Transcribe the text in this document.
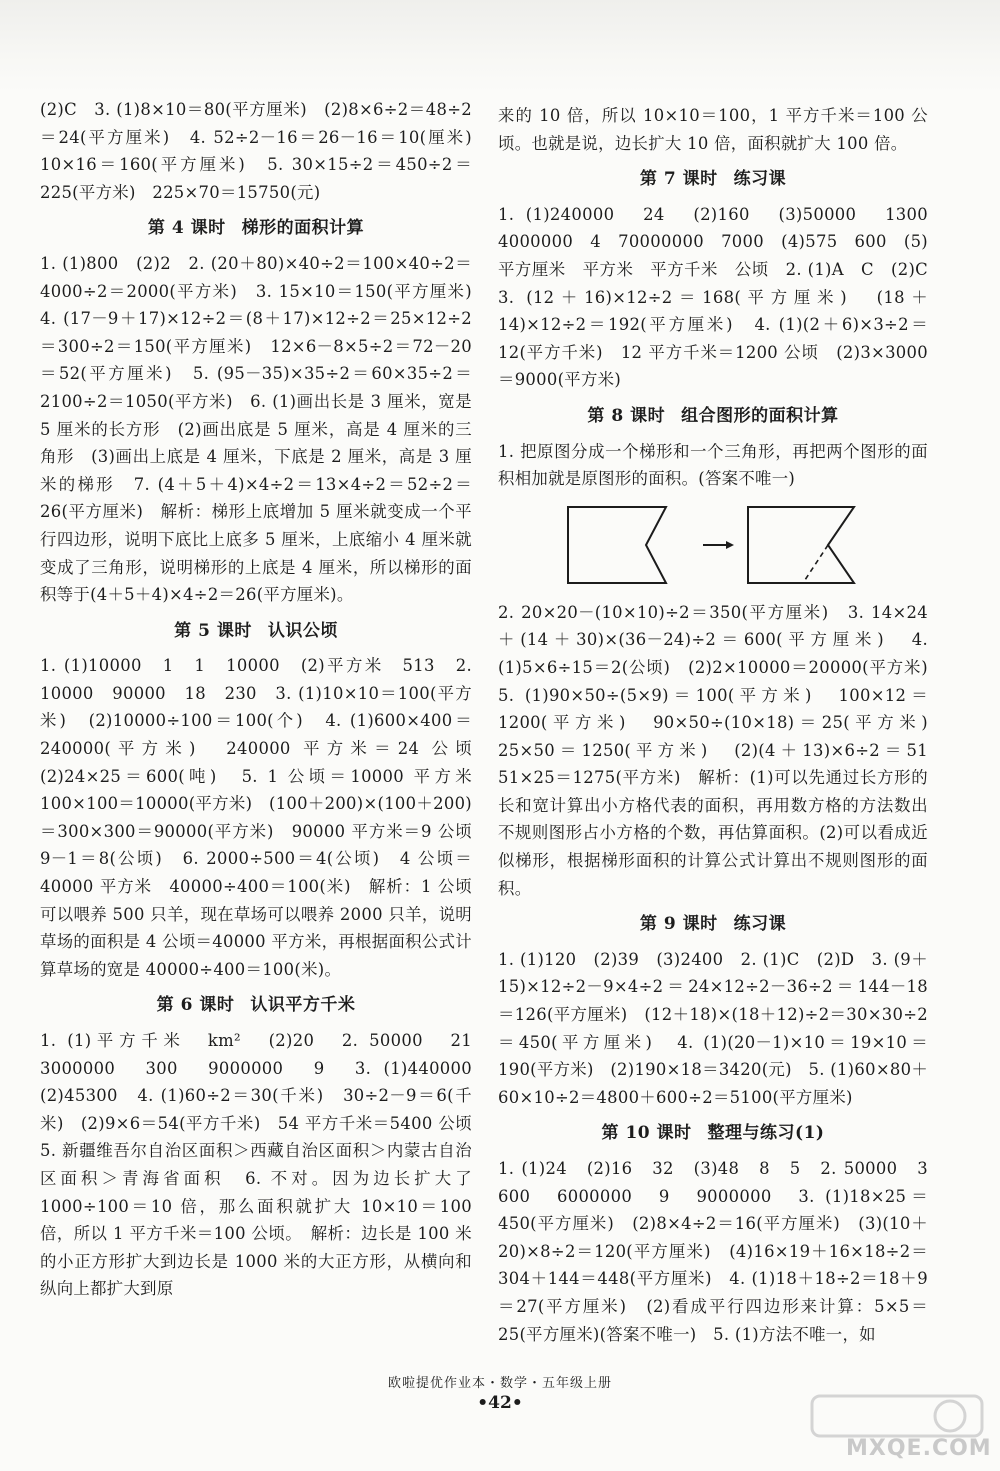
(2)C　3. (1)8×10＝80(平方厘米)　(2)8×6÷2＝48÷2＝24(平方厘米)　4. 52÷2－16＝26－16＝10(厘米)　10×16＝160(平方厘米)　5. 30×15÷2＝450÷2＝225(平方米)　225×70＝15750(元)

第 4 课时 梯形的面积计算

1. (1)800　(2)2　2. (20＋80)×40÷2＝100×40÷2＝4000÷2＝2000(平方米)　3. 15×10＝150(平方厘米)　4. (17－9＋17)×12÷2＝(8＋17)×12÷2＝25×12÷2＝300÷2＝150(平方厘米)　12×6－8×5÷2＝72－20＝52(平方厘米)　5. (95－35)×35÷2＝60×35÷2＝2100÷2＝1050(平方米)　6. (1)画出长是 3 厘米，宽是 5 厘米的长方形　(2)画出底是 5 厘米，高是 4 厘米的三角形　(3)画出上底是 4 厘米，下底是 2 厘米，高是 3 厘米的梯形　7. (4＋5＋4)×4÷2＝13×4÷2＝52÷2＝26(平方厘米)　解析：梯形上底增加 5 厘米就变成一个平行四边形，说明下底比上底多 5 厘米，上底缩小 4 厘米就变成了三角形，说明梯形的上底是 4 厘米，所以梯形的面积等于(4＋5＋4)×4÷2＝26(平方厘米)。

第 5 课时 认识公顷

1. (1)10000　1　1　10000　(2)平方米　513　2. 10000　90000　18　230　3. (1)10×10＝100(平方米)　(2)10000÷100＝100(个)　4. (1)600×400＝240000(平方米)　240000 平方米＝24 公顷　(2)24×25＝600(吨)　5. 1 公顷＝10000 平方米　100×100＝10000(平方米)　(100＋200)×(100＋200)＝300×300＝90000(平方米)　90000 平方米＝9 公顷　9－1＝8(公顷)　6. 2000÷500＝4(公顷)　4 公顷＝40000 平方米　40000÷400＝100(米)　解析：1 公顷可以喂养 500 只羊，现在草场可以喂养 2000 只羊，说明草场的面积是 4 公顷＝40000 平方米，再根据面积公式计算草场的宽是 40000÷400＝100(米)。

第 6 课时 认识平方千米

1. (1)平方千米　km²　(2)20　2. 50000　21　3000000　300　9000000　9　3. (1)440000　(2)45300　4. (1)60÷2＝30(千米)　30÷2－9＝6(千米)　(2)9×6＝54(平方千米)　54 平方千米＝5400 公顷　5. 新疆维吾尔自治区面积＞西藏自治区面积＞内蒙古自治区面积＞青海省面积　6. 不对。因为边长扩大了 1000÷100＝10 倍，那么面积就扩大 10×10＝100 倍，所以 1 平方千米＝100 公顷。　解析：边长是 100 米的小正方形扩大到边长是 1000 米的大正方形，从横向和纵向上都扩大到原

来的 10 倍，所以 10×10＝100，1 平方千米＝100 公顷。也就是说，边长扩大 10 倍，面积就扩大 100 倍。

第 7 课时 练习课

1. (1)240000　24　(2)160　(3)50000　1300　4000000　4　70000000　7000　(4)575　600　(5)平方厘米　平方米　平方千米　公顷　2. (1)A　C　(2)C　3. (12＋16)×12÷2＝168(平方厘米)　(18＋14)×12÷2＝192(平方厘米)　4. (1)(2＋6)×3÷2＝12(平方千米)　12 平方千米＝1200 公顷　(2)3×3000＝9000(平方米)

第 8 课时 组合图形的面积计算

1. 把原图分成一个梯形和一个三角形，再把两个图形的面积相加就是原图形的面积。(答案不唯一)

2. 20×20－(10×10)÷2＝350(平方厘米)　3. 14×24＋(14＋30)×(36－24)÷2＝600(平方厘米)　4. (1)5×6÷15＝2(公顷)　(2)2×10000＝20000(平方米)　5. (1)90×50÷(5×9)＝100(平方米)　100×12＝1200(平方米)　90×50÷(10×18)＝25(平方米)　25×50＝1250(平方米)　(2)(4＋13)×6÷2＝51　51×25＝1275(平方米)　解析：(1)可以先通过长方形的长和宽计算出小方格代表的面积，再用数方格的方法数出不规则图形占小方格的个数，再估算面积。(2)可以看成近似梯形，根据梯形面积的计算公式计算出不规则图形的面积。

第 9 课时 练习课

1. (1)120　(2)39　(3)2400　2. (1)C　(2)D　3. (9＋15)×12÷2－9×4÷2＝24×12÷2－36÷2＝144－18＝126(平方厘米)　(12＋18)×(18＋12)÷2＝30×30÷2＝450(平方厘米)　4. (1)(20－1)×10＝19×10＝190(平方米)　(2)190×18＝3420(元)　5. (1)60×80＋60×10÷2＝4800＋600÷2＝5100(平方厘米)

第 10 课时 整理与练习(1)

1. (1)24　(2)16　32　(3)48　8　5　2. 50000　3　600　6000000　9　9000000　3. (1)18×25＝450(平方厘米)　(2)8×4÷2＝16(平方厘米)　(3)(10＋20)×8÷2＝120(平方厘米)　(4)16×19＋16×18÷2＝304＋144＝448(平方厘米)　4. (1)18＋18÷2＝18＋9＝27(平方厘米)　(2)看成平行四边形来计算：5×5＝25(平方厘米)(答案不唯一)　5. (1)方法不唯一，如

欧啦提优作业本・数学・五年级上册
•42•
MXQE.COM
